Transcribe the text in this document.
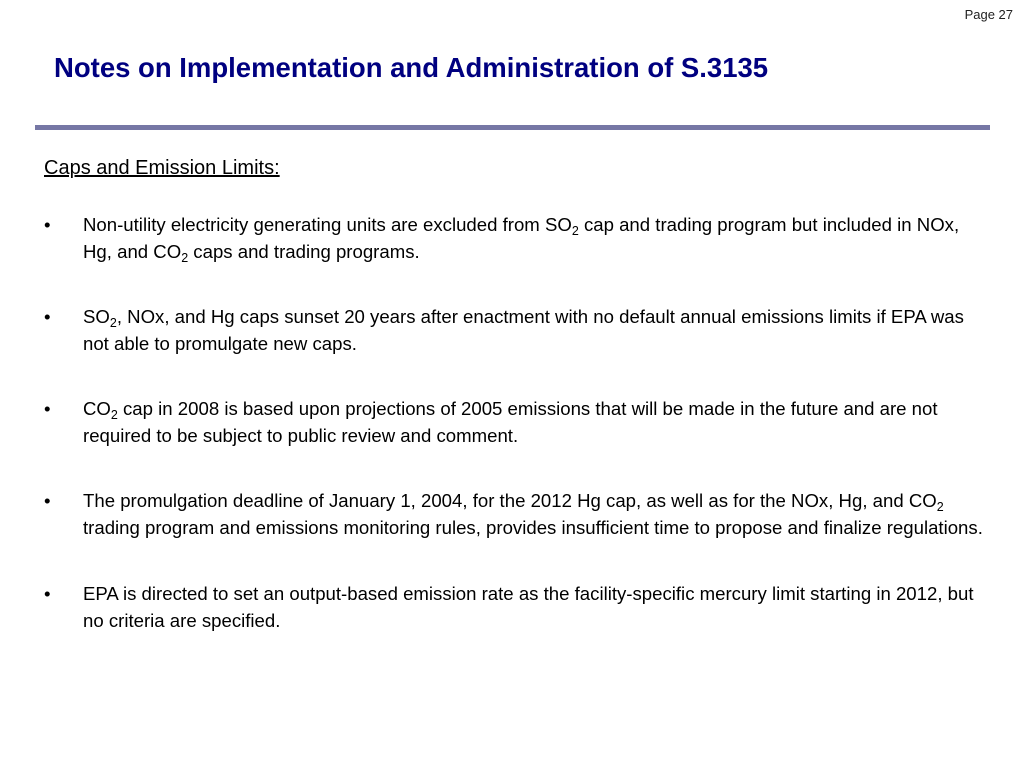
Page 27
Notes on Implementation and Administration of S.3135
Caps and Emission Limits:
•	Non-utility electricity generating units are excluded from $SO_2$ cap and trading program but included in NOx, Hg, and $CO_2$ caps and trading programs.
•	$SO_2$, NOx, and Hg caps sunset 20 years after enactment with no default annual emissions limits if EPA was not able to promulgate new caps.
•	$CO_2$ cap in 2008 is based upon projections of 2005 emissions that will be made in the future and are not required to be subject to public review and comment.
•	The promulgation deadline of January 1, 2004, for the 2012 Hg cap, as well as for the NOx, Hg, and $CO_2$ trading program and emissions monitoring rules, provides insufficient time to propose and finalize regulations.
•	EPA is directed to set an output-based emission rate as the facility-specific mercury limit starting in 2012, but no criteria are specified.
